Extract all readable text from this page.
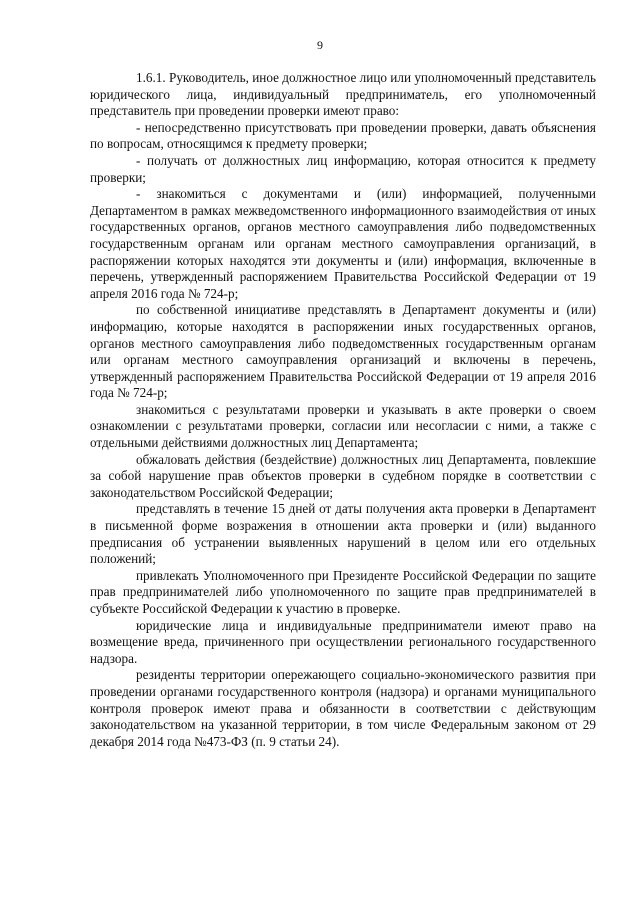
9

1.6.1. Руководитель, иное должностное лицо или уполномоченный представитель юридического лица, индивидуальный предприниматель, его уполномоченный представитель при проведении проверки имеют право:

- непосредственно присутствовать при проведении проверки, давать объяснения по вопросам, относящимся к предмету проверки;

- получать от должностных лиц информацию, которая относится к предмету проверки;

- знакомиться с документами и (или) информацией, полученными Департаментом в рамках межведомственного информационного взаимодействия от иных государственных органов, органов местного самоуправления либо подведомственных государственным органам или органам местного самоуправления организаций, в распоряжении которых находятся эти документы и (или) информация, включенные в перечень, утвержденный распоряжением Правительства Российской Федерации от 19 апреля 2016 года № 724-р;

по собственной инициативе представлять в Департамент документы и (или) информацию, которые находятся в распоряжении иных государственных органов, органов местного самоуправления либо подведомственных государственным органам или органам местного самоуправления организаций и включены в перечень, утвержденный распоряжением Правительства Российской Федерации от 19 апреля 2016 года № 724-р;

знакомиться с результатами проверки и указывать в акте проверки о своем ознакомлении с результатами проверки, согласии или несогласии с ними, а также с отдельными действиями должностных лиц Департамента;

обжаловать действия (бездействие) должностных лиц Департамента, повлекшие за собой нарушение прав объектов проверки в судебном порядке в соответствии с законодательством Российской Федерации;

представлять в течение 15 дней от даты получения акта проверки в Департамент в письменной форме возражения в отношении акта проверки и (или) выданного предписания об устранении выявленных нарушений в целом или его отдельных положений;

привлекать Уполномоченного при Президенте Российской Федерации по защите прав предпринимателей либо уполномоченного по защите прав предпринимателей в субъекте Российской Федерации к участию в проверке.

юридические лица и индивидуальные предприниматели имеют право на возмещение вреда, причиненного при осуществлении регионального государственного надзора.

резиденты территории опережающего социально-экономического развития при проведении органами государственного контроля (надзора) и органами муниципального контроля проверок имеют права и обязанности в соответствии с действующим законодательством на указанной территории, в том числе Федеральным законом от 29 декабря 2014 года №473-ФЗ (п. 9 статьи 24).
